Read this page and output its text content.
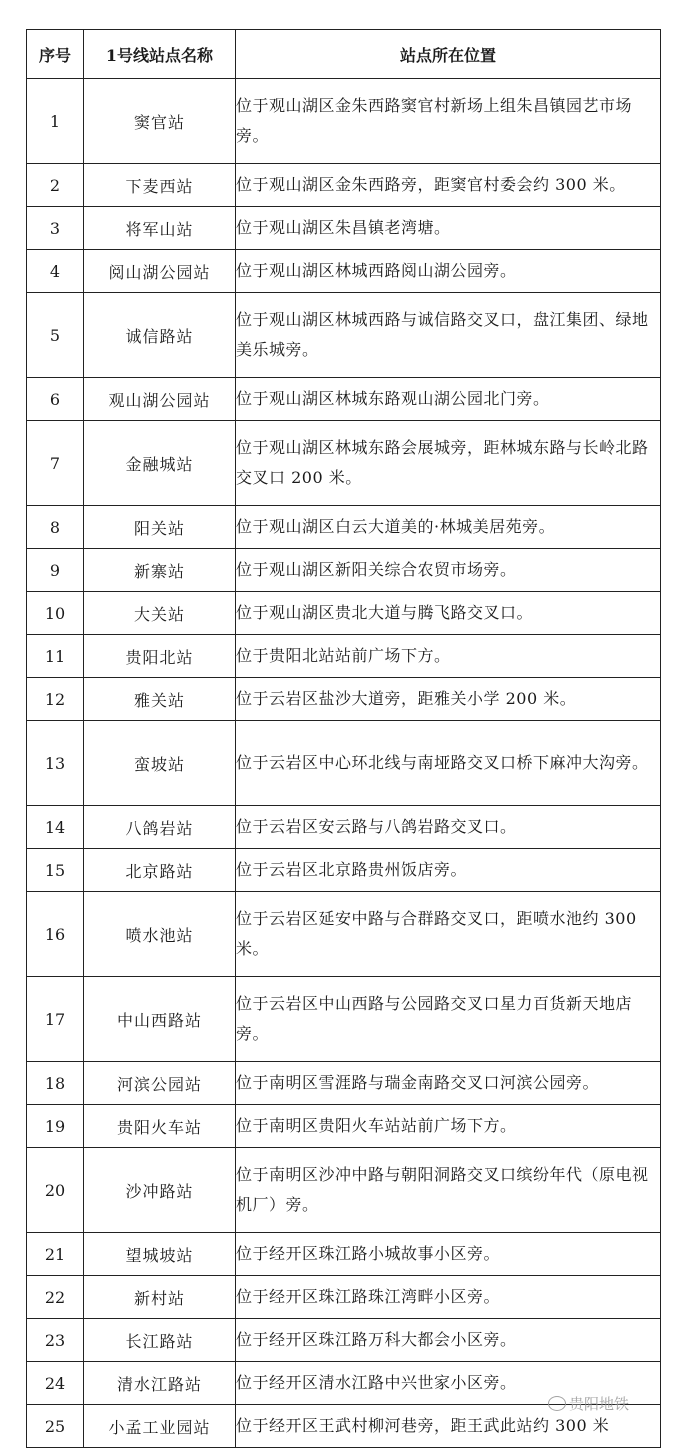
序号	1号线站点名称	站点所在位置
1	窦官站	位于观山湖区金朱西路窦官村新场上组朱昌镇园艺市场旁。
2	下麦西站	位于观山湖区金朱西路旁，距窦官村委会约 300 米。
3	将军山站	位于观山湖区朱昌镇老湾塘。
4	阅山湖公园站	位于观山湖区林城西路阅山湖公园旁。
5	诚信路站	位于观山湖区林城西路与诚信路交叉口，盘江集团、绿地美乐城旁。
6	观山湖公园站	位于观山湖区林城东路观山湖公园北门旁。
7	金融城站	位于观山湖区林城东路会展城旁，距林城东路与长岭北路交叉口 200 米。
8	阳关站	位于观山湖区白云大道美的·林城美居苑旁。
9	新寨站	位于观山湖区新阳关综合农贸市场旁。
10	大关站	位于观山湖区贵北大道与腾飞路交叉口。
11	贵阳北站	位于贵阳北站站前广场下方。
12	雅关站	位于云岩区盐沙大道旁，距雅关小学 200 米。
13	蛮坡站	位于云岩区中心环北线与南垭路交叉口桥下麻冲大沟旁。
14	八鸽岩站	位于云岩区安云路与八鸽岩路交叉口。
15	北京路站	位于云岩区北京路贵州饭店旁。
16	喷水池站	位于云岩区延安中路与合群路交叉口，距喷水池约 300 米。
17	中山西路站	位于云岩区中山西路与公园路交叉口星力百货新天地店旁。
18	河滨公园站	位于南明区雪涯路与瑞金南路交叉口河滨公园旁。
19	贵阳火车站	位于南明区贵阳火车站站前广场下方。
20	沙冲路站	位于南明区沙冲中路与朝阳洞路交叉口缤纷年代（原电视机厂）旁。
21	望城坡站	位于经开区珠江路小城故事小区旁。
22	新村站	位于经开区珠江路珠江湾畔小区旁。
23	长江路站	位于经开区珠江路万科大都会小区旁。
24	清水江路站	位于经开区清水江路中兴世家小区旁。
25	小孟工业园站	位于经开区王武村柳河巷旁，距王武此站约 300 米
贵阳地铁
